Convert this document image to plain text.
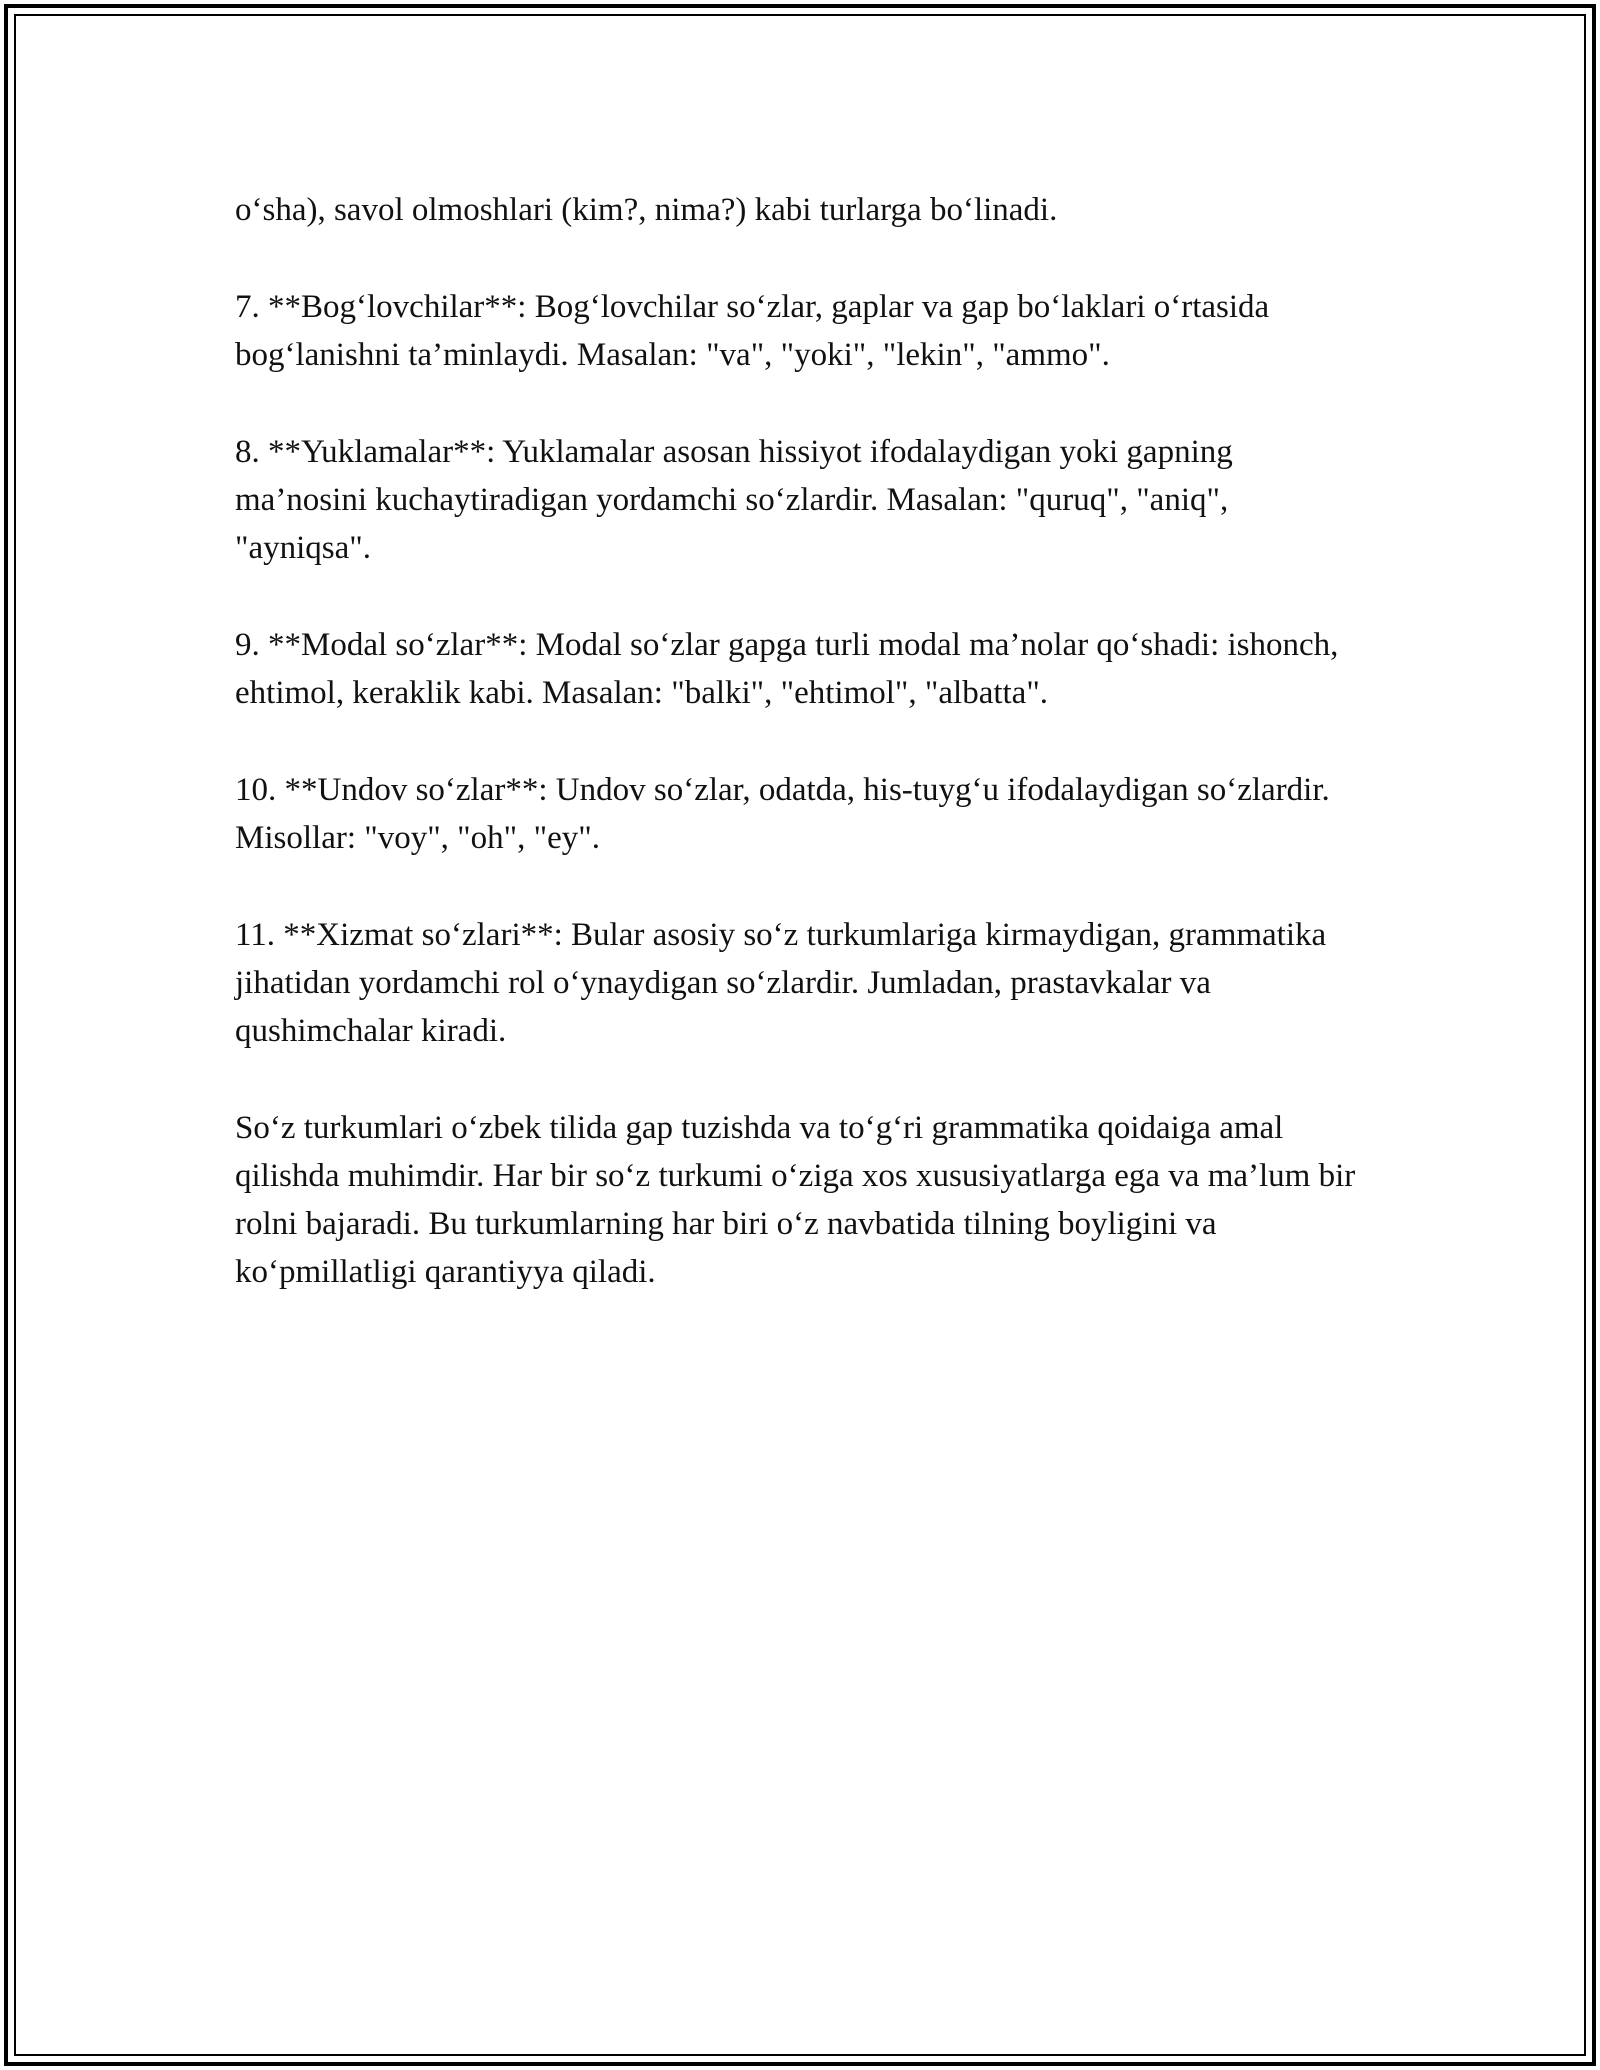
o‘sha), savol olmoshlari (kim?, nima?) kabi turlarga bo‘linadi.

7. **Bog‘lovchilar**: Bog‘lovchilar so‘zlar, gaplar va gap bo‘laklari o‘rtasida bog‘lanishni ta’minlaydi. Masalan: "va", "yoki", "lekin", "ammo".

8. **Yuklamalar**: Yuklamalar asosan hissiyot ifodalaydigan yoki gapning ma’nosini kuchaytiradigan yordamchi so‘zlardir. Masalan: "quruq", "aniq", "ayniqsa".

9. **Modal so‘zlar**: Modal so‘zlar gapga turli modal ma’nolar qo‘shadi: ishonch, ehtimol, keraklik kabi. Masalan: "balki", "ehtimol", "albatta".

10. **Undov so‘zlar**: Undov so‘zlar, odatda, his-tuyg‘u ifodalaydigan so‘zlardir. Misollar: "voy", "oh", "ey".

11. **Xizmat so‘zlari**: Bular asosiy so‘z turkumlariga kirmaydigan, grammatika jihatidan yordamchi rol o‘ynaydigan so‘zlardir. Jumladan, prastavkalar va qushimchalar kiradi.

So‘z turkumlari o‘zbek tilida gap tuzishda va to‘g‘ri grammatika qoidaiga amal qilishda muhimdir. Har bir so‘z turkumi o‘ziga xos xususiyatlarga ega va ma’lum bir rolni bajaradi. Bu turkumlarning har biri o‘z navbatida tilning boyligini va ko‘pmillatligi qarantiyya qiladi.
